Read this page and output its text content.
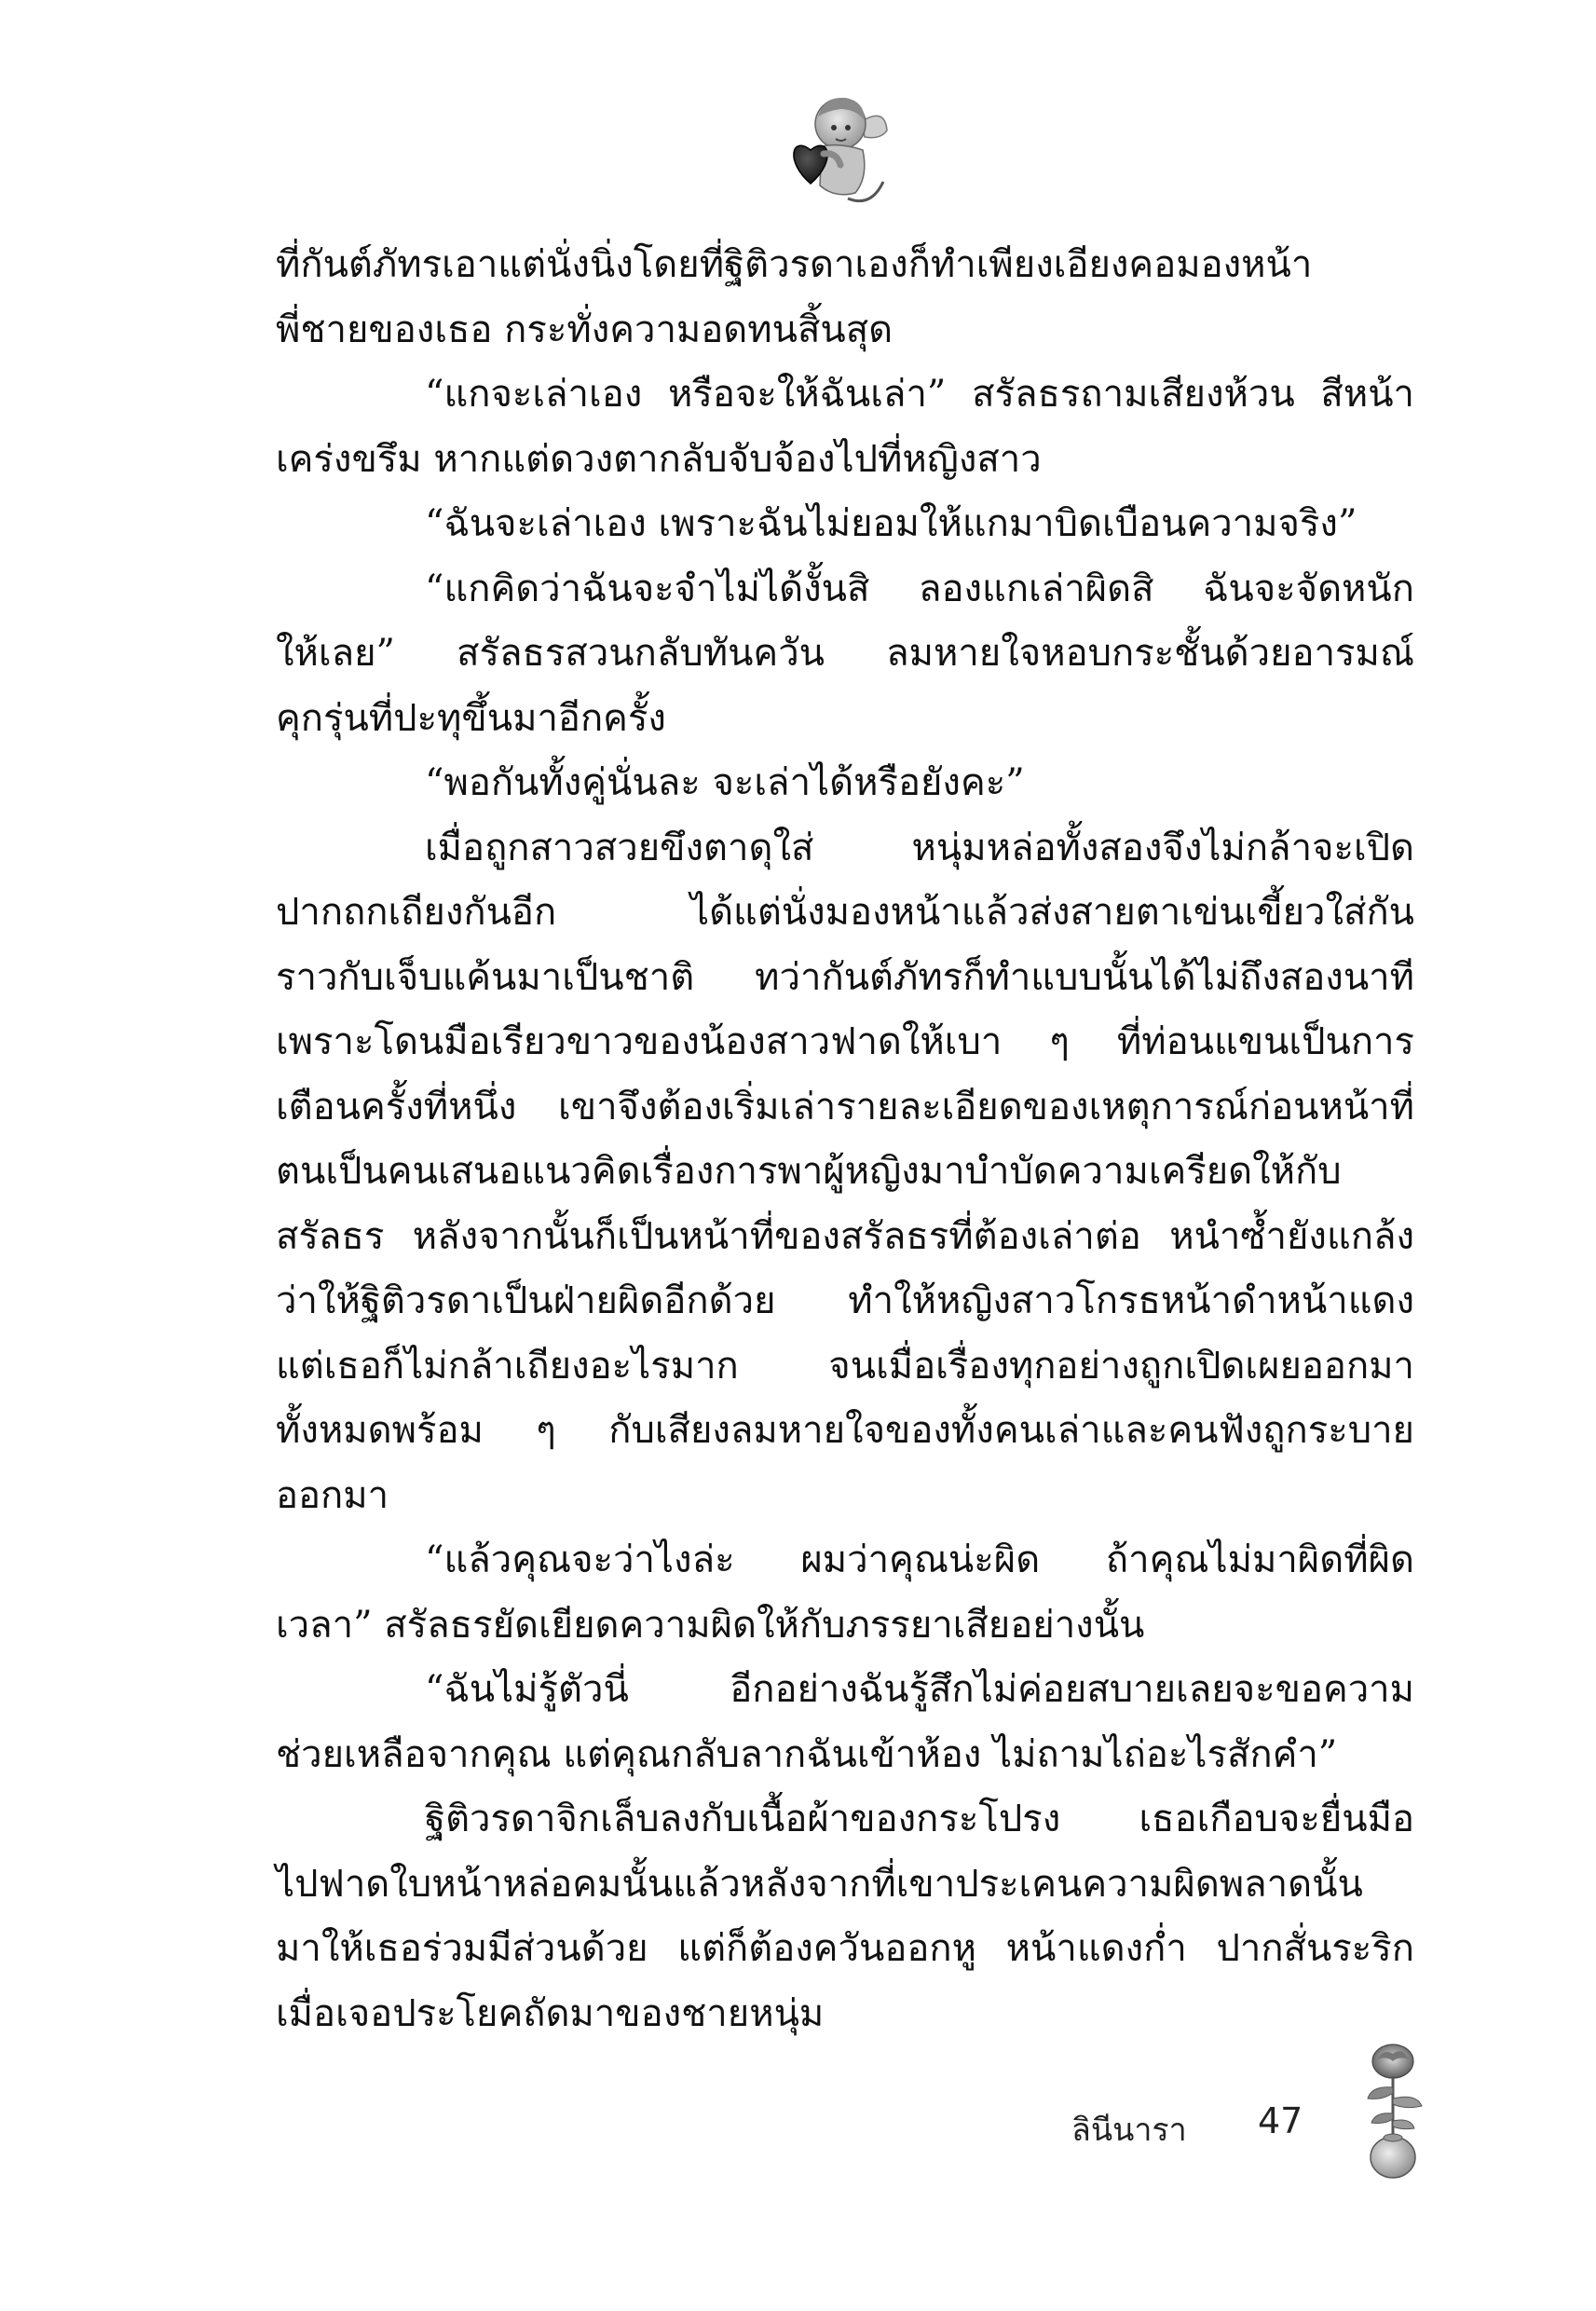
ที่กันต์ภัทรเอาแต่นั่งนิ่งโดยที่ฐิติวรดาเองก็ทำเพียงเอียงคอมองหน้า
พี่ชายของเธอ กระทั่งความอดทนสิ้นสุด
“แกจะเล่าเอง หรือจะให้ฉันเล่า” สรัลธรถามเสียงห้วน สีหน้า
เคร่งขรึม หากแต่ดวงตากลับจับจ้องไปที่หญิงสาว
“ฉันจะเล่าเอง เพราะฉันไม่ยอมให้แกมาบิดเบือนความจริง”
“แกคิดว่าฉันจะจำไม่ได้งั้นสิ ลองแกเล่าผิดสิ ฉันจะจัดหนัก
ให้เลย” สรัลธรสวนกลับทันควัน ลมหายใจหอบกระชั้นด้วยอารมณ์
คุกรุ่นที่ปะทุขึ้นมาอีกครั้ง
“พอกันทั้งคู่นั่นละ จะเล่าได้หรือยังคะ”
เมื่อถูกสาวสวยขึงตาดุใส่ หนุ่มหล่อทั้งสองจึงไม่กล้าจะเปิด
ปากถกเถียงกันอีก ได้แต่นั่งมองหน้าแล้วส่งสายตาเข่นเขี้ยวใส่กัน
ราวกับเจ็บแค้นมาเป็นชาติ ทว่ากันต์ภัทรก็ทำแบบนั้นได้ไม่ถึงสองนาที
เพราะโดนมือเรียวขาวของน้องสาวฟาดให้เบา ๆ ที่ท่อนแขนเป็นการ
เตือนครั้งที่หนึ่ง เขาจึงต้องเริ่มเล่ารายละเอียดของเหตุการณ์ก่อนหน้าที่
ตนเป็นคนเสนอแนวคิดเรื่องการพาผู้หญิงมาบำบัดความเครียดให้กับ
สรัลธร หลังจากนั้นก็เป็นหน้าที่ของสรัลธรที่ต้องเล่าต่อ หนำซ้ำยังแกล้ง
ว่าให้ฐิติวรดาเป็นฝ่ายผิดอีกด้วย ทำให้หญิงสาวโกรธหน้าดำหน้าแดง
แต่เธอก็ไม่กล้าเถียงอะไรมาก จนเมื่อเรื่องทุกอย่างถูกเปิดเผยออกมา
ทั้งหมดพร้อม ๆ กับเสียงลมหายใจของทั้งคนเล่าและคนฟังถูกระบาย
ออกมา
“แล้วคุณจะว่าไงล่ะ ผมว่าคุณน่ะผิด ถ้าคุณไม่มาผิดที่ผิด
เวลา” สรัลธรยัดเยียดความผิดให้กับภรรยาเสียอย่างนั้น
“ฉันไม่รู้ตัวนี่ อีกอย่างฉันรู้สึกไม่ค่อยสบายเลยจะขอความ
ช่วยเหลือจากคุณ แต่คุณกลับลากฉันเข้าห้อง ไม่ถามไถ่อะไรสักคำ”
ฐิติวรดาจิกเล็บลงกับเนื้อผ้าของกระโปรง เธอเกือบจะยื่นมือ
ไปฟาดใบหน้าหล่อคมนั้นแล้วหลังจากที่เขาประเคนความผิดพลาดนั้น
มาให้เธอร่วมมีส่วนด้วย แต่ก็ต้องควันออกหู หน้าแดงก่ำ ปากสั่นระริก
เมื่อเจอประโยคถัดมาของชายหนุ่ม
ลินีนารา 47
